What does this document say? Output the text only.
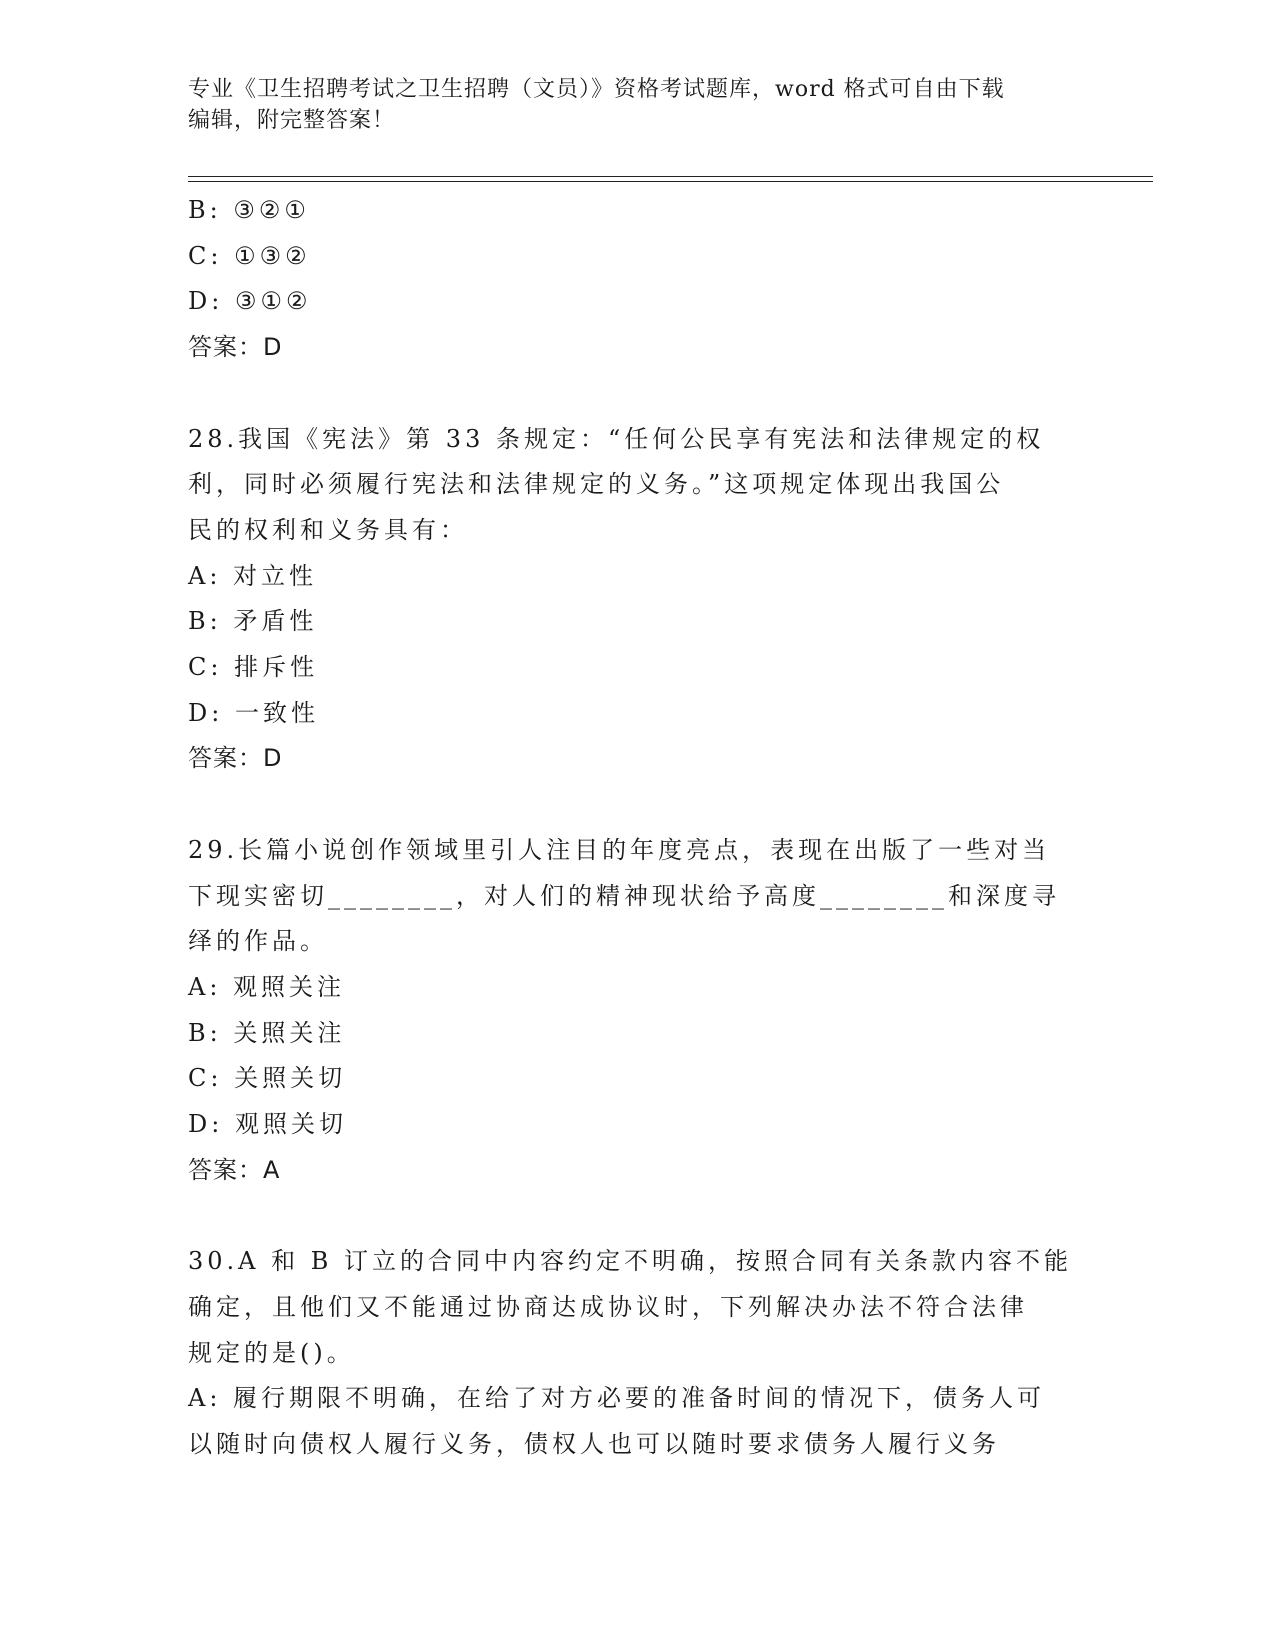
专业《卫生招聘考试之卫生招聘（文员）》资格考试题库，word 格式可自由下载
编辑，附完整答案！
B: ③②①
C: ①③②
D: ③①②
答案：D
28.我国《宪法》第 33 条规定：“任何公民享有宪法和法律规定的权
利，同时必须履行宪法和法律规定的义务。”这项规定体现出我国公
民的权利和义务具有：
A: 对立性
B: 矛盾性
C: 排斥性
D: 一致性
答案：D
29.长篇小说创作领域里引人注目的年度亮点，表现在出版了一些对当
下现实密切________，对人们的精神现状给予高度________和深度寻
绎的作品。
A: 观照关注
B: 关照关注
C: 关照关切
D: 观照关切
答案：A
30.A 和 B 订立的合同中内容约定不明确，按照合同有关条款内容不能
确定，且他们又不能通过协商达成协议时，下列解决办法不符合法律
规定的是()。
A: 履行期限不明确，在给了对方必要的准备时间的情况下，债务人可
以随时向债权人履行义务，债权人也可以随时要求债务人履行义务
